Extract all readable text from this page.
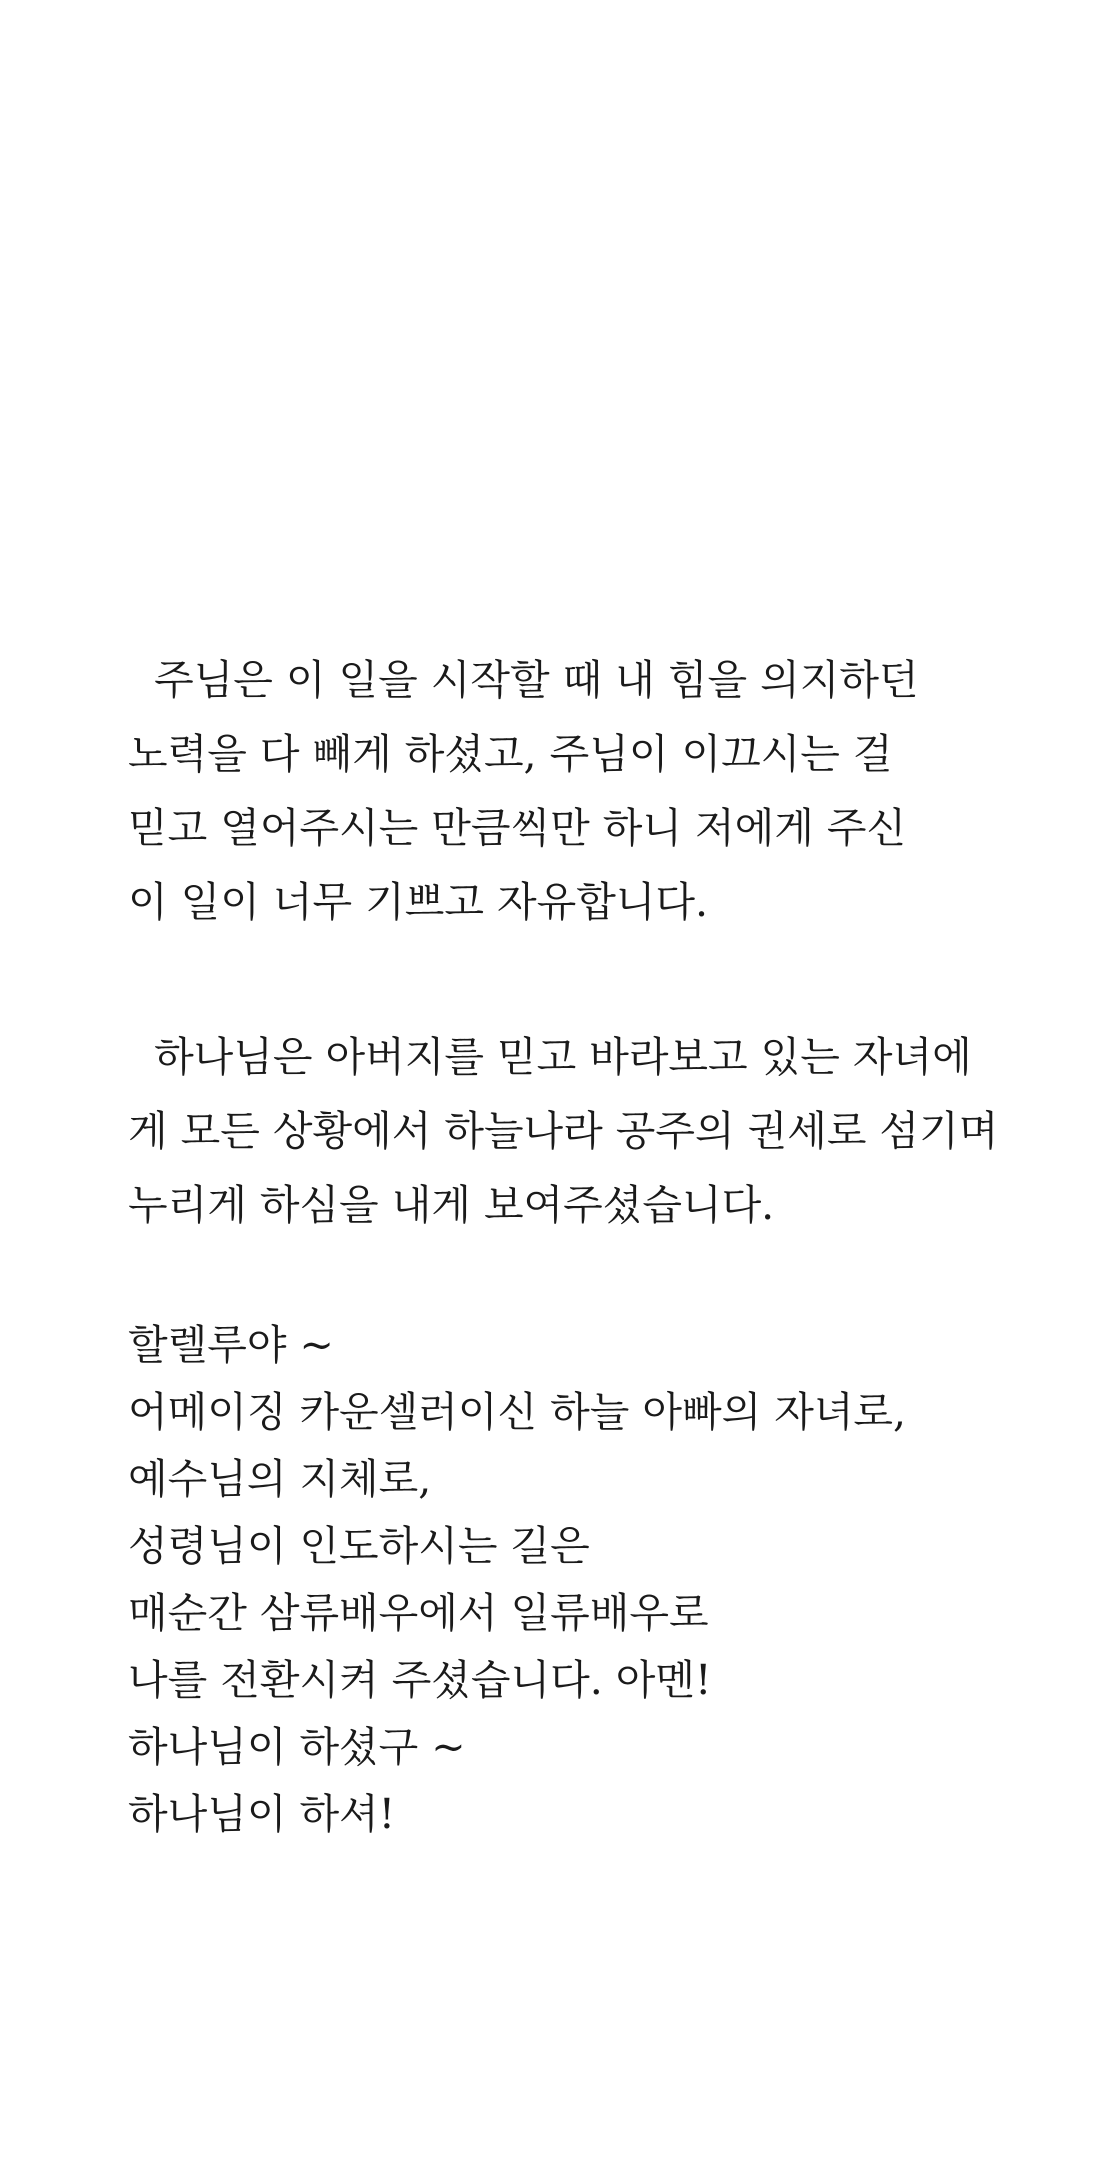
주님은 이 일을 시작할 때 내 힘을 의지하던
노력을 다 빼게 하셨고, 주님이 이끄시는 걸
믿고 열어주시는 만큼씩만 하니 저에게 주신
이 일이 너무 기쁘고 자유합니다.
하나님은 아버지를 믿고 바라보고 있는 자녀에
게 모든 상황에서 하늘나라 공주의 권세로 섬기며
누리게 하심을 내게 보여주셨습니다.
할렐루야 ~
어메이징 카운셀러이신 하늘 아빠의 자녀로,
예수님의 지체로,
성령님이 인도하시는 길은
매순간 삼류배우에서 일류배우로
나를 전환시켜 주셨습니다. 아멘!
하나님이 하셨구 ~
하나님이 하셔!
